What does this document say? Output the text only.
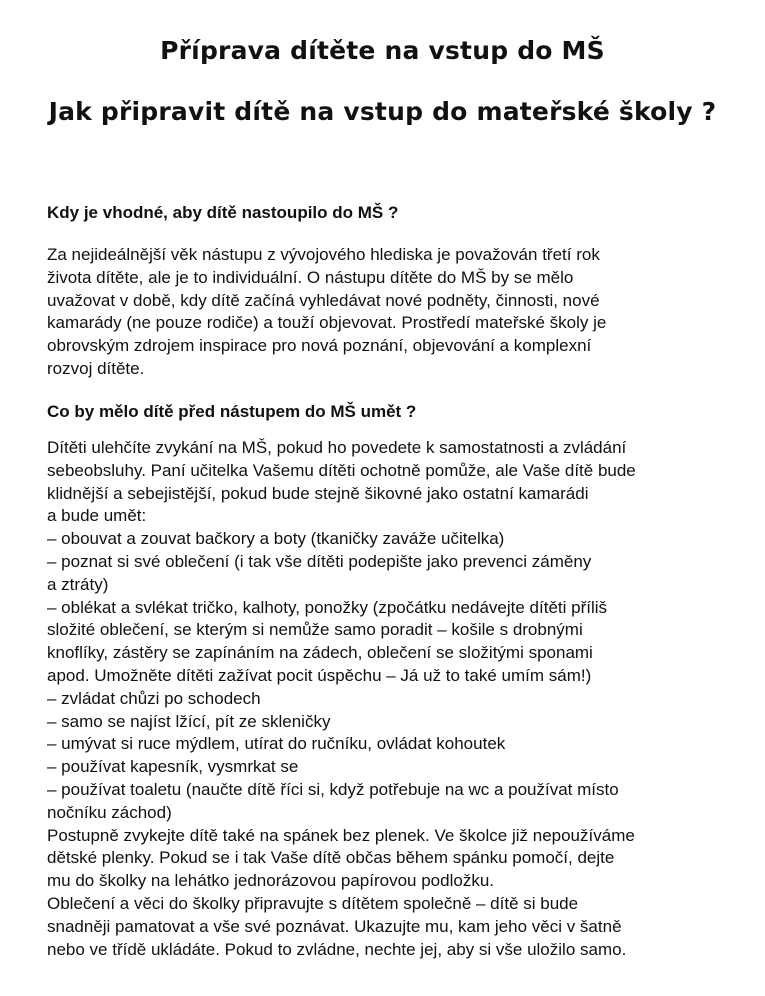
Příprava dítěte na vstup do MŠ
Jak připravit dítě na vstup do mateřské školy ?
Kdy je vhodné, aby dítě nastoupilo do MŠ ?
Za nejideálnější věk nástupu z vývojového hlediska je považován třetí rok
života dítěte, ale je to individuální. O nástupu dítěte do MŠ by se mělo
uvažovat v době, kdy dítě začíná vyhledávat nové podněty, činnosti, nové
kamarády (ne pouze rodiče) a touží objevovat. Prostředí mateřské školy je
obrovským zdrojem inspirace pro nová poznání, objevování a komplexní
rozvoj dítěte.
Co by mělo dítě před nástupem do MŠ umět ?
Dítěti ulehčíte zvykání na MŠ, pokud ho povedete k samostatnosti a zvládání
sebeobsluhy. Paní učitelka Vašemu dítěti ochotně pomůže, ale Vaše dítě bude
klidnější a sebejistější, pokud bude stejně šikovné jako ostatní kamarádi
a bude umět:
– obouvat a zouvat bačkory a boty (tkaničky zaváže učitelka)
– poznat si své oblečení (i tak vše dítěti podepište jako prevenci záměny
a ztráty)
– oblékat a svlékat tričko, kalhoty, ponožky (zpočátku nedávejte dítěti příliš
složité oblečení, se kterým si nemůže samo poradit – košile s drobnými
knoflíky, zástěry se zapínáním na zádech, oblečení se složitými sponami
apod. Umožněte dítěti zažívat pocit úspěchu – Já už to také umím sám!)
– zvládat chůzi po schodech
– samo se najíst lžící, pít ze skleničky
– umývat si ruce mýdlem, utírat do ručníku, ovládat kohoutek
– používat kapesník, vysmrkat se
– používat toaletu (naučte dítě říci si, když potřebuje na wc a používat místo
nočníku záchod)
Postupně zvykejte dítě také na spánek bez plenek. Ve školce již nepoužíváme
dětské plenky. Pokud se i tak Vaše dítě občas během spánku pomočí, dejte
mu do školky na lehátko jednorázovou papírovou podložku.
Oblečení a věci do školky připravujte s dítětem společně – dítě si bude
snadněji pamatovat a vše své poznávat. Ukazujte mu, kam jeho věci v šatně
nebo ve třídě ukládáte. Pokud to zvládne, nechte jej, aby si vše uložilo samo.
